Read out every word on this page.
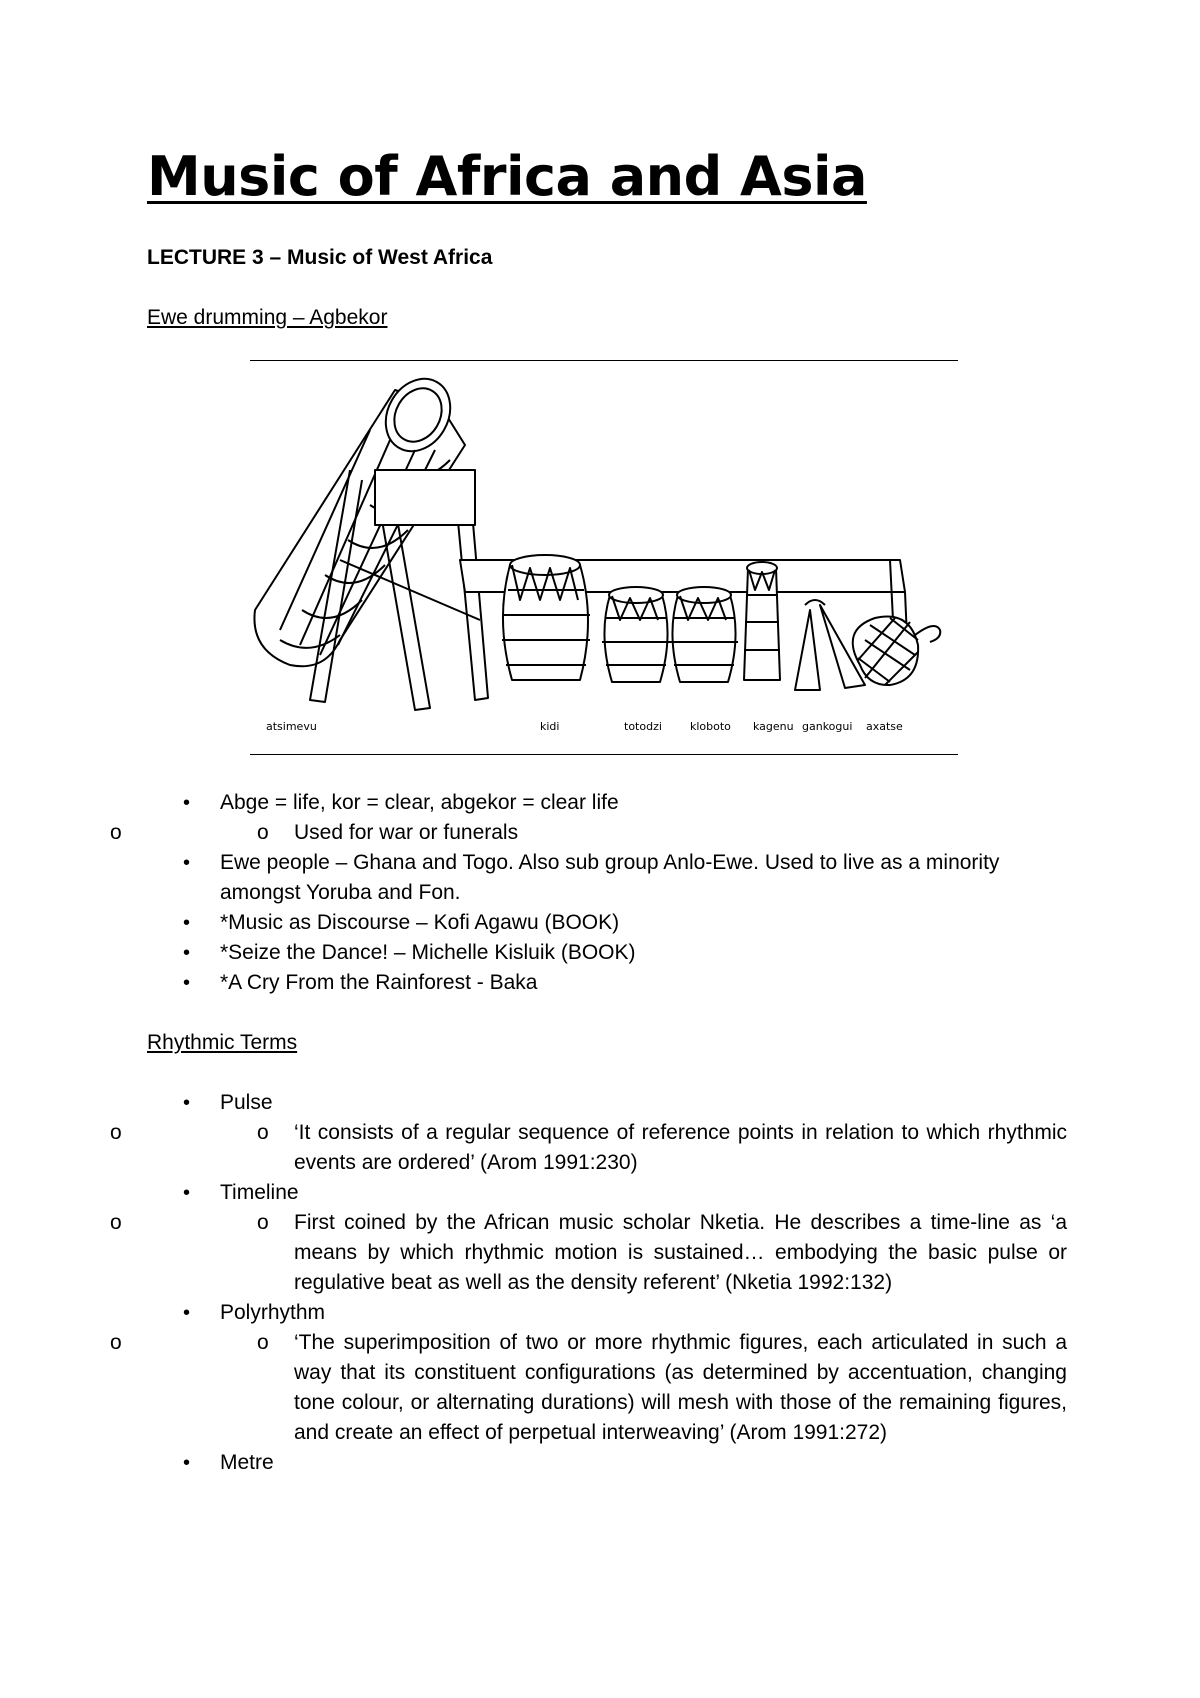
Music of Africa and Asia
LECTURE 3 – Music of West Africa
Ewe drumming – Agbekor
atsimevu	kidi	totodzi	kloboto kagenu gankogui axatse
• Abge = life, kor = clear, abgekor = clear life
o o Used for war or funerals
• Ewe people – Ghana and Togo. Also sub group Anlo-Ewe. Used to live as a minority amongst Yoruba and Fon.
• *Music as Discourse – Kofi Agawu (BOOK)
• *Seize the Dance! – Michelle Kisluik (BOOK)
• *A Cry From the Rainforest - Baka
Rhythmic Terms
• Pulse
o o ‘It consists of a regular sequence of reference points in relation to which rhythmic events are ordered’ (Arom 1991:230)
• Timeline
o o First coined by the African music scholar Nketia. He describes a time-line as ‘a means by which rhythmic motion is sustained… embodying the basic pulse or regulative beat as well as the density referent’ (Nketia 1992:132)
• Polyrhythm
o o ‘The superimposition of two or more rhythmic figures, each articulated in such a way that its constituent configurations (as determined by accentuation, changing tone colour, or alternating durations) will mesh with those of the remaining figures, and create an effect of perpetual interweaving’ (Arom 1991:272)
• Metre
